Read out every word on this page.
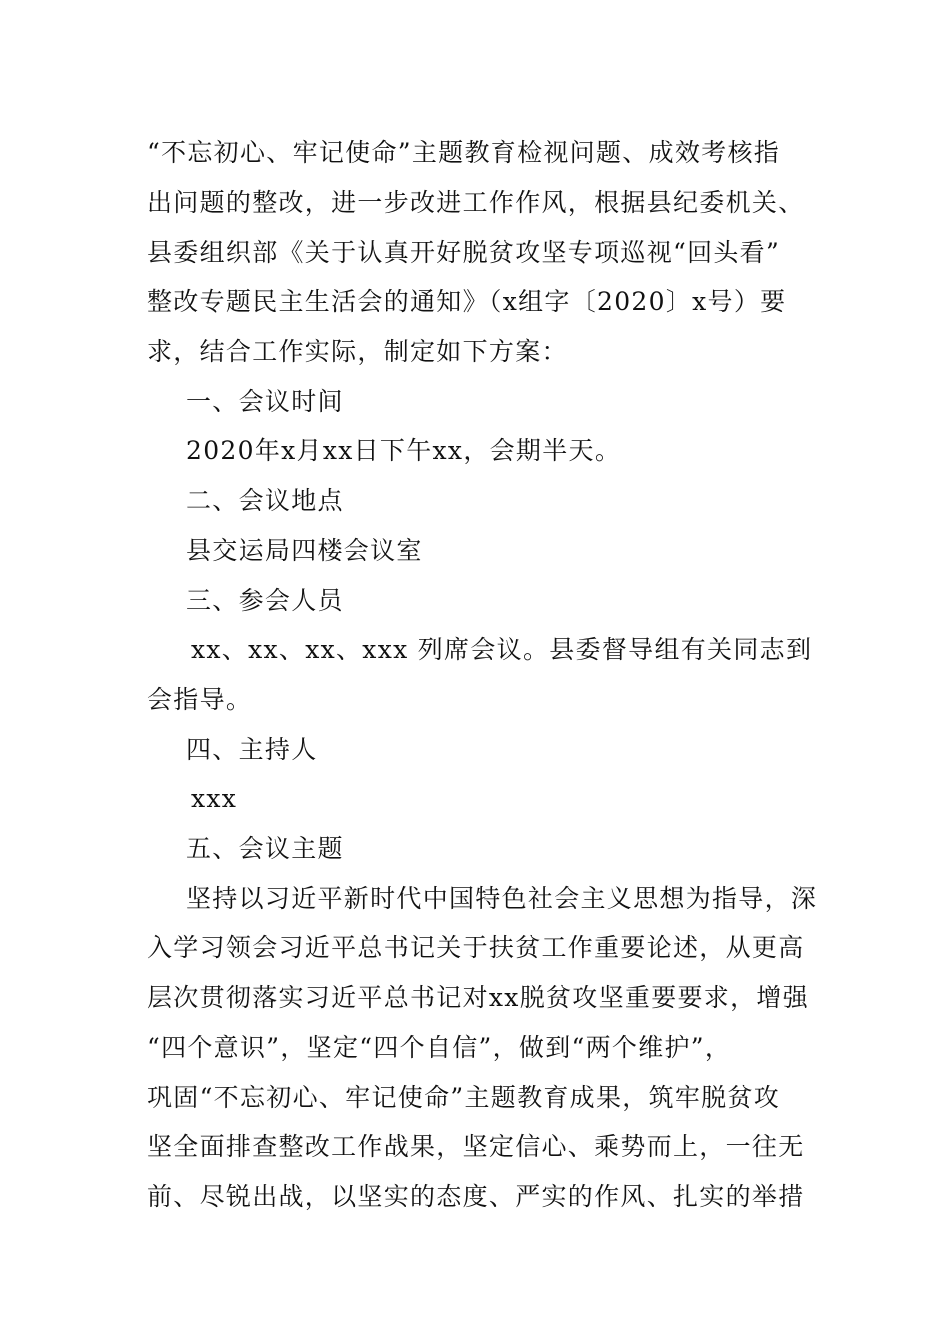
“不忘初心、牢记使命”主题教育检视问题、成效考核指
出问题的整改，进一步改进工作作风，根据县纪委机关、
县委组织部《关于认真开好脱贫攻坚专项巡视“回头看”
整改专题民主生活会的通知》（x组字〔2020〕x号）要
求，结合工作实际，制定如下方案：
一、会议时间
2020年x月xx日下午xx，会期半天。
二、会议地点
县交运局四楼会议室
三、参会人员
xx、xx、xx、xxx 列席会议。县委督导组有关同志到
会指导。
四、主持人
xxx
五、会议主题
坚持以习近平新时代中国特色社会主义思想为指导，深
入学习领会习近平总书记关于扶贫工作重要论述，从更高
层次贯彻落实习近平总书记对xx脱贫攻坚重要要求，增强
“四个意识”，坚定“四个自信”，做到“两个维护”，
巩固“不忘初心、牢记使命”主题教育成果，筑牢脱贫攻
坚全面排查整改工作战果，坚定信心、乘势而上，一往无
前、尽锐出战，以坚实的态度、严实的作风、扎实的举措
